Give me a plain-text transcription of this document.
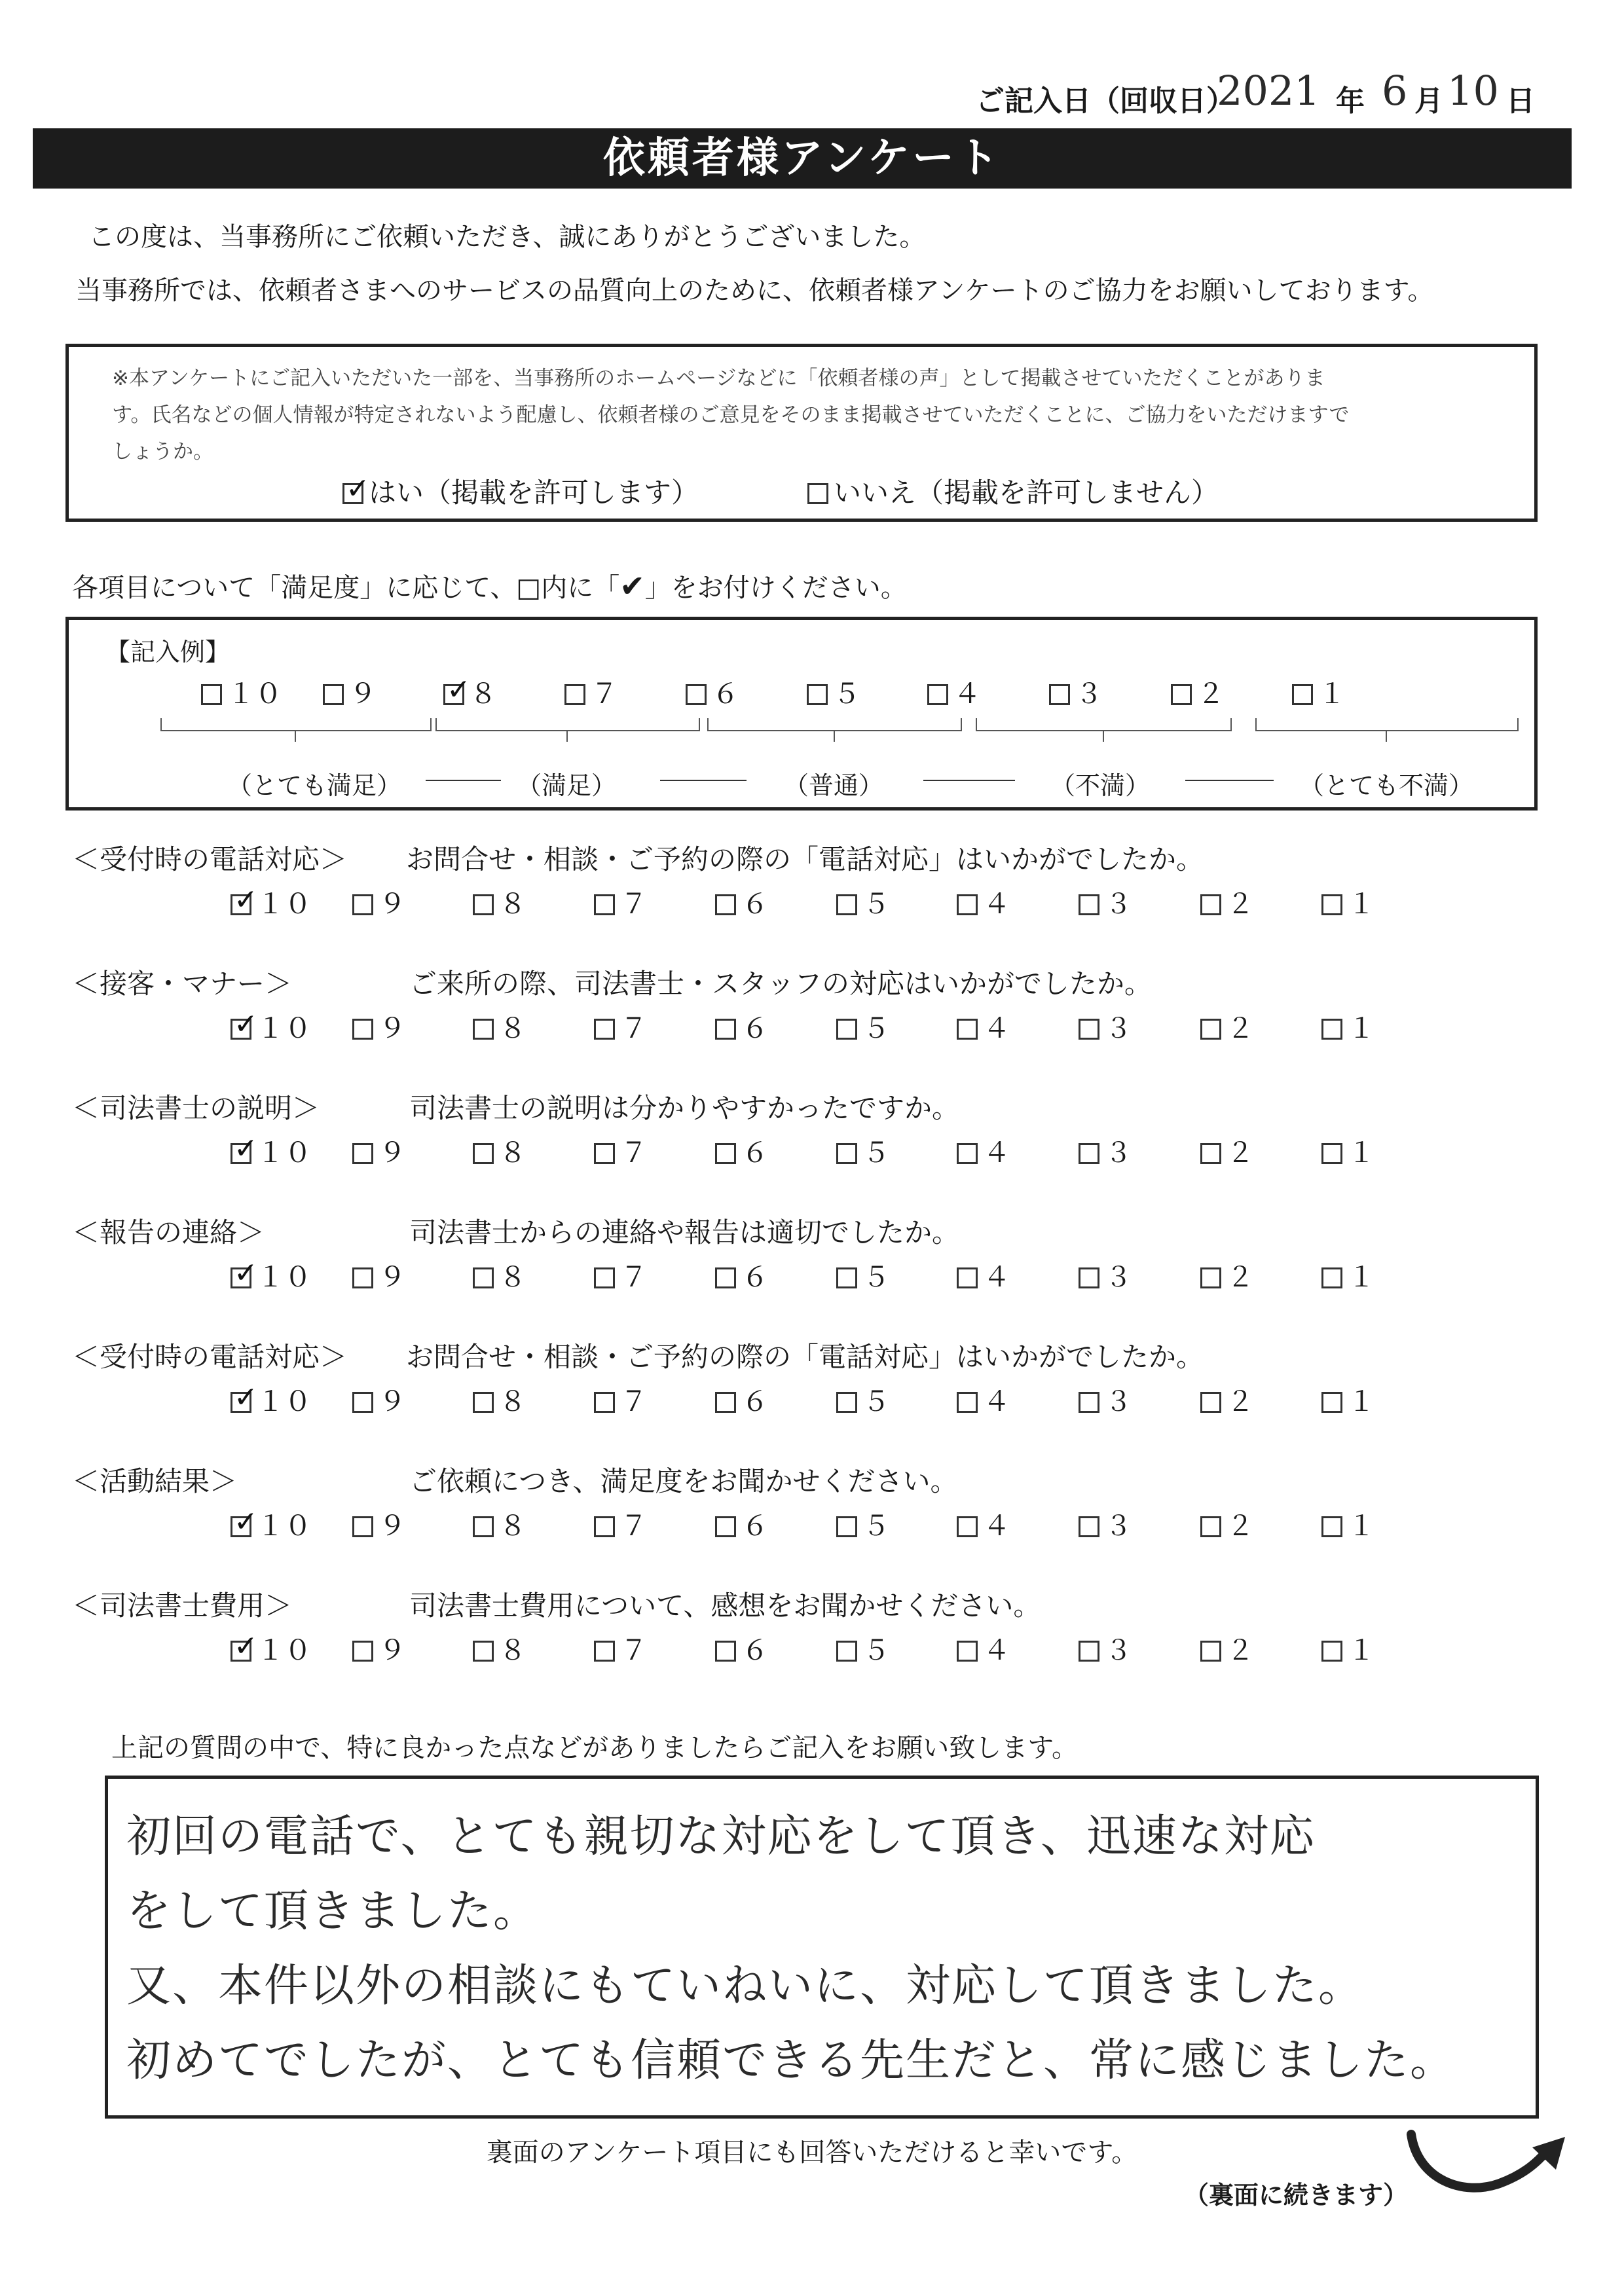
ご記入日（回収日）
2021 年 6 月 10 日
依頼者様アンケート
この度は、当事務所にご依頼いただき、誠にありがとうございました。
当事務所では、依頼者さまへのサービスの品質向上のために、依頼者様アンケートのご協力をお願いしております。
※本アンケートにご記入いただいた一部を、当事務所のホームページなどに「依頼者様の声」として掲載させていただくことがありま
す。氏名などの個人情報が特定されないよう配慮し、依頼者様のご意見をそのまま掲載させていただくことに、ご協力をいただけますで
しょうか。
✓
はい（掲載を許可します）	いいえ（掲載を許可しません）
各項目について「満足度」に応じて、□内に「✔」をお付けください。
【記入例】
１０	９ ✓
８	７	６	５	４	３	２	１
（とても満足）	（満足）	（普通）	（不満）	（とても不満）
＜受付時の電話対応＞ お問合せ・相談・ご予約の際の「電話対応」はいかがでしたか。
✓
１０	９	８	７	６	５	４	３	２	１
＜接客・マナー＞	ご来所の際、司法書士・スタッフの対応はいかがでしたか。
✓
１０	９	８	７	６	５	４	３	２	１
＜司法書士の説明＞	司法書士の説明は分かりやすかったですか。
✓
１０	９	８	７	６	５	４	３	２	１
＜報告の連絡＞	司法書士からの連絡や報告は適切でしたか。
✓
１０	９	８	７	６	５	４	３	２	１
＜受付時の電話対応＞ お問合せ・相談・ご予約の際の「電話対応」はいかがでしたか。
✓
１０	９	８	７	６	５	４	３	２	１
＜活動結果＞	ご依頼につき、満足度をお聞かせください。
✓
１０	９	８	７	６	５	４	３	２	１
＜司法書士費用＞	司法書士費用について、感想をお聞かせください。
✓
１０	９	８	７	６	５	４	３	２	１
上記の質問の中で、特に良かった点などがありましたらご記入をお願い致します。
初回の電話で、とても親切な対応をして頂き、迅速な対応
をして頂きました。
又、本件以外の相談にもていねいに、対応して頂きました。
初めてでしたが、とても信頼できる先生だと、常に感じました。
裏面のアンケート項目にも回答いただけると幸いです。
（裏面に続きます）
